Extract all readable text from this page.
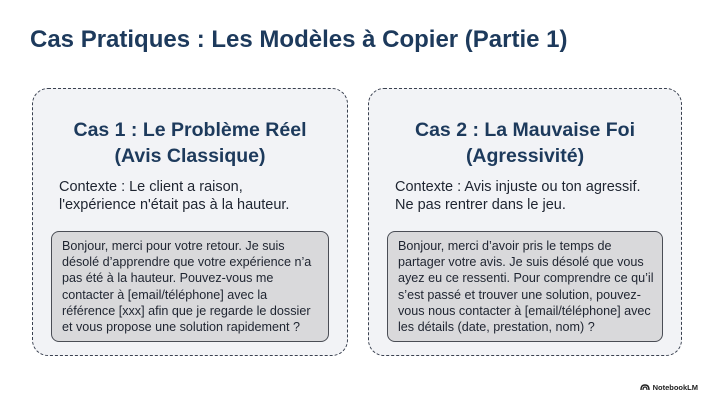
Cas Pratiques : Les Modèles à Copier (Partie 1)
Cas 1 : Le Problème Réel
(Avis Classique)
Contexte : Le client a raison,
l'expérience n'était pas à la hauteur.
Bonjour, merci pour votre retour. Je suis
désolé d’apprendre que votre expérience n’a
pas été à la hauteur. Pouvez-vous me
contacter à [email/téléphone] avec la
référence [xxx] afin que je regarde le dossier
et vous propose une solution rapidement ?
Cas 2 : La Mauvaise Foi
(Agressivité)
Contexte : Avis injuste ou ton agressif.
Ne pas rentrer dans le jeu.
Bonjour, merci d’avoir pris le temps de
partager votre avis. Je suis désolé que vous
ayez eu ce ressenti. Pour comprendre ce qu’il
s’est passé et trouver une solution, pouvez-
vous nous contacter à [email/téléphone] avec
les détails (date, prestation, nom) ?
NotebookLM
